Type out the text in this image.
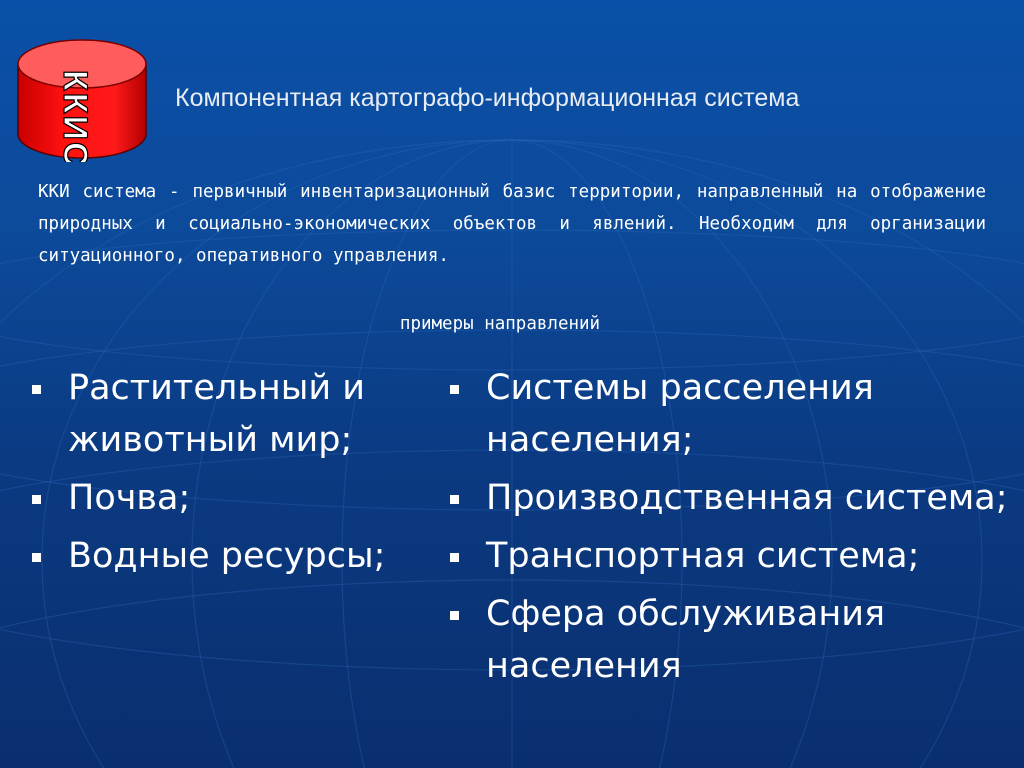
ККИС	Компонентная картографо-информационная система
ККИ система - первичный инвентаризационный базис территории, направленный на отображение природных и социально-экономических объектов и явлений. Необходим для организации ситуационного, оперативного управления.
примеры направлений
Растительный и животный мир;
Почва;
Водные ресурсы;
Системы расселения населения;
Производственная система;
Транспортная система;
Сфера обслуживания населения
